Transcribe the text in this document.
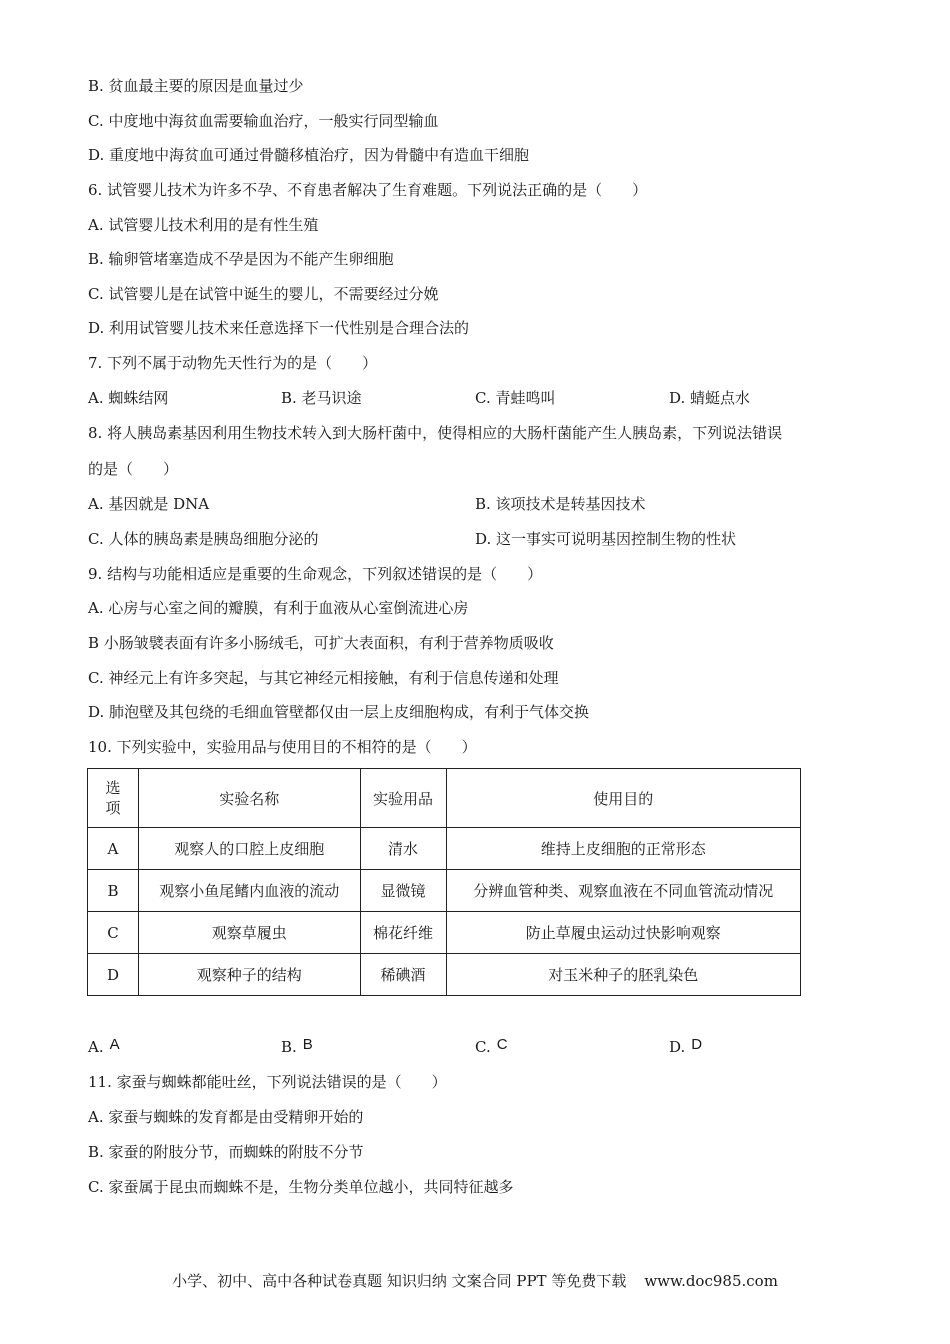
B. 贫血最主要的原因是血量过少
C. 中度地中海贫血需要输血治疗，一般实行同型输血
D. 重度地中海贫血可通过骨髓移植治疗，因为骨髓中有造血干细胞
6. 试管婴儿技术为许多不孕、不育患者解决了生育难题。下列说法正确的是（　　）
A. 试管婴儿技术利用的是有性生殖
B. 输卵管堵塞造成不孕是因为不能产生卵细胞
C. 试管婴儿是在试管中诞生的婴儿，不需要经过分娩
D. 利用试管婴儿技术来任意选择下一代性别是合理合法的
7. 下列不属于动物先天性行为的是（　　）
A. 蜘蛛结网	B. 老马识途	C. 青蛙鸣叫	D. 蜻蜓点水
8. 将人胰岛素基因利用生物技术转入到大肠杆菌中，使得相应的大肠杆菌能产生人胰岛素，下列说法错误
的是（　　）
A. 基因就是 DNA	B. 该项技术是转基因技术
C. 人体的胰岛素是胰岛细胞分泌的	D. 这一事实可说明基因控制生物的性状
9. 结构与功能相适应是重要的生命观念，下列叙述错误的是（　　）
A. 心房与心室之间的瓣膜，有利于血液从心室倒流进心房
B 小肠皱襞表面有许多小肠绒毛，可扩大表面积，有利于营养物质吸收
C. 神经元上有许多突起，与其它神经元相接触，有利于信息传递和处理
D. 肺泡壁及其包绕的毛细血管壁都仅由一层上皮细胞构成，有利于气体交换
10. 下列实验中，实验用品与使用目的不相符的是（　　）
选
项	实验名称	实验用品	使用目的
A	观察人的口腔上皮细胞	清水	维持上皮细胞的正常形态
B	观察小鱼尾鳍内血液的流动	显微镜	分辨血管种类、观察血液在不同血管流动情况
C	观察草履虫	棉花纤维	防止草履虫运动过快影响观察
D	观察种子的结构	稀碘酒	对玉米种子的胚乳染色
A. A	B. B	C. C	D. D
11. 家蚕与蜘蛛都能吐丝，下列说法错误的是（　　）
A. 家蚕与蜘蛛的发育都是由受精卵开始的
B. 家蚕的附肢分节，而蜘蛛的附肢不分节
C. 家蚕属于昆虫而蜘蛛不是，生物分类单位越小，共同特征越多
小学、初中、高中各种试卷真题 知识归纳 文案合同 PPT 等免费下载 www.doc985.com
